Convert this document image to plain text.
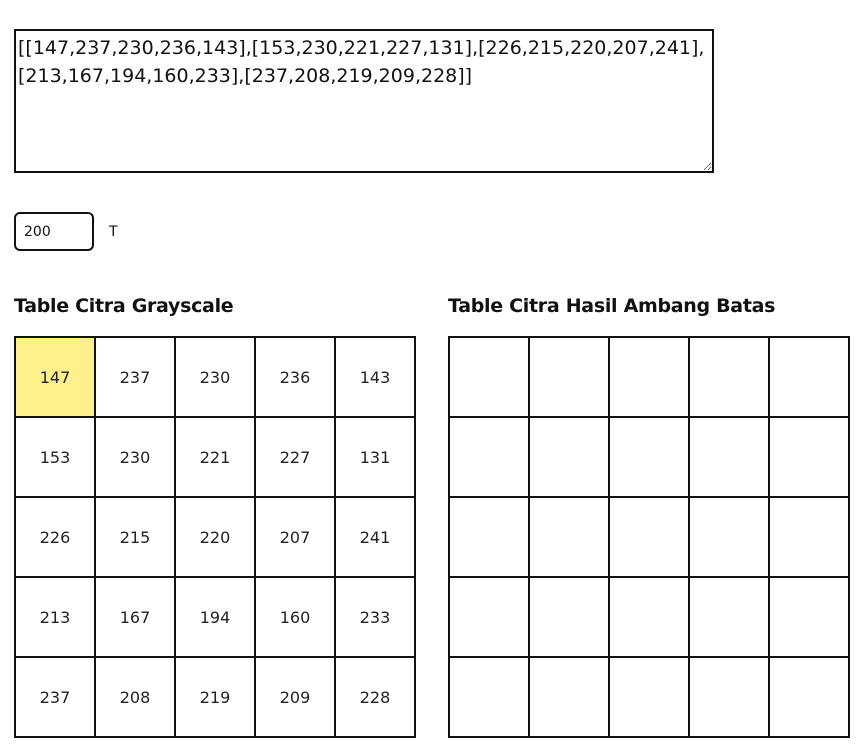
[[147,237,230,236,143],[153,230,221,227,131],[226,215,220,207,241], [213,167,194,160,233],[237,208,219,209,228]]
200
T
Table Citra Grayscale	Table Citra Hasil Ambang Batas
147	237	230	236	143
153	230	221	227	131
226	215	220	207	241
213	167	194	160	233
237	208	219	209	228
